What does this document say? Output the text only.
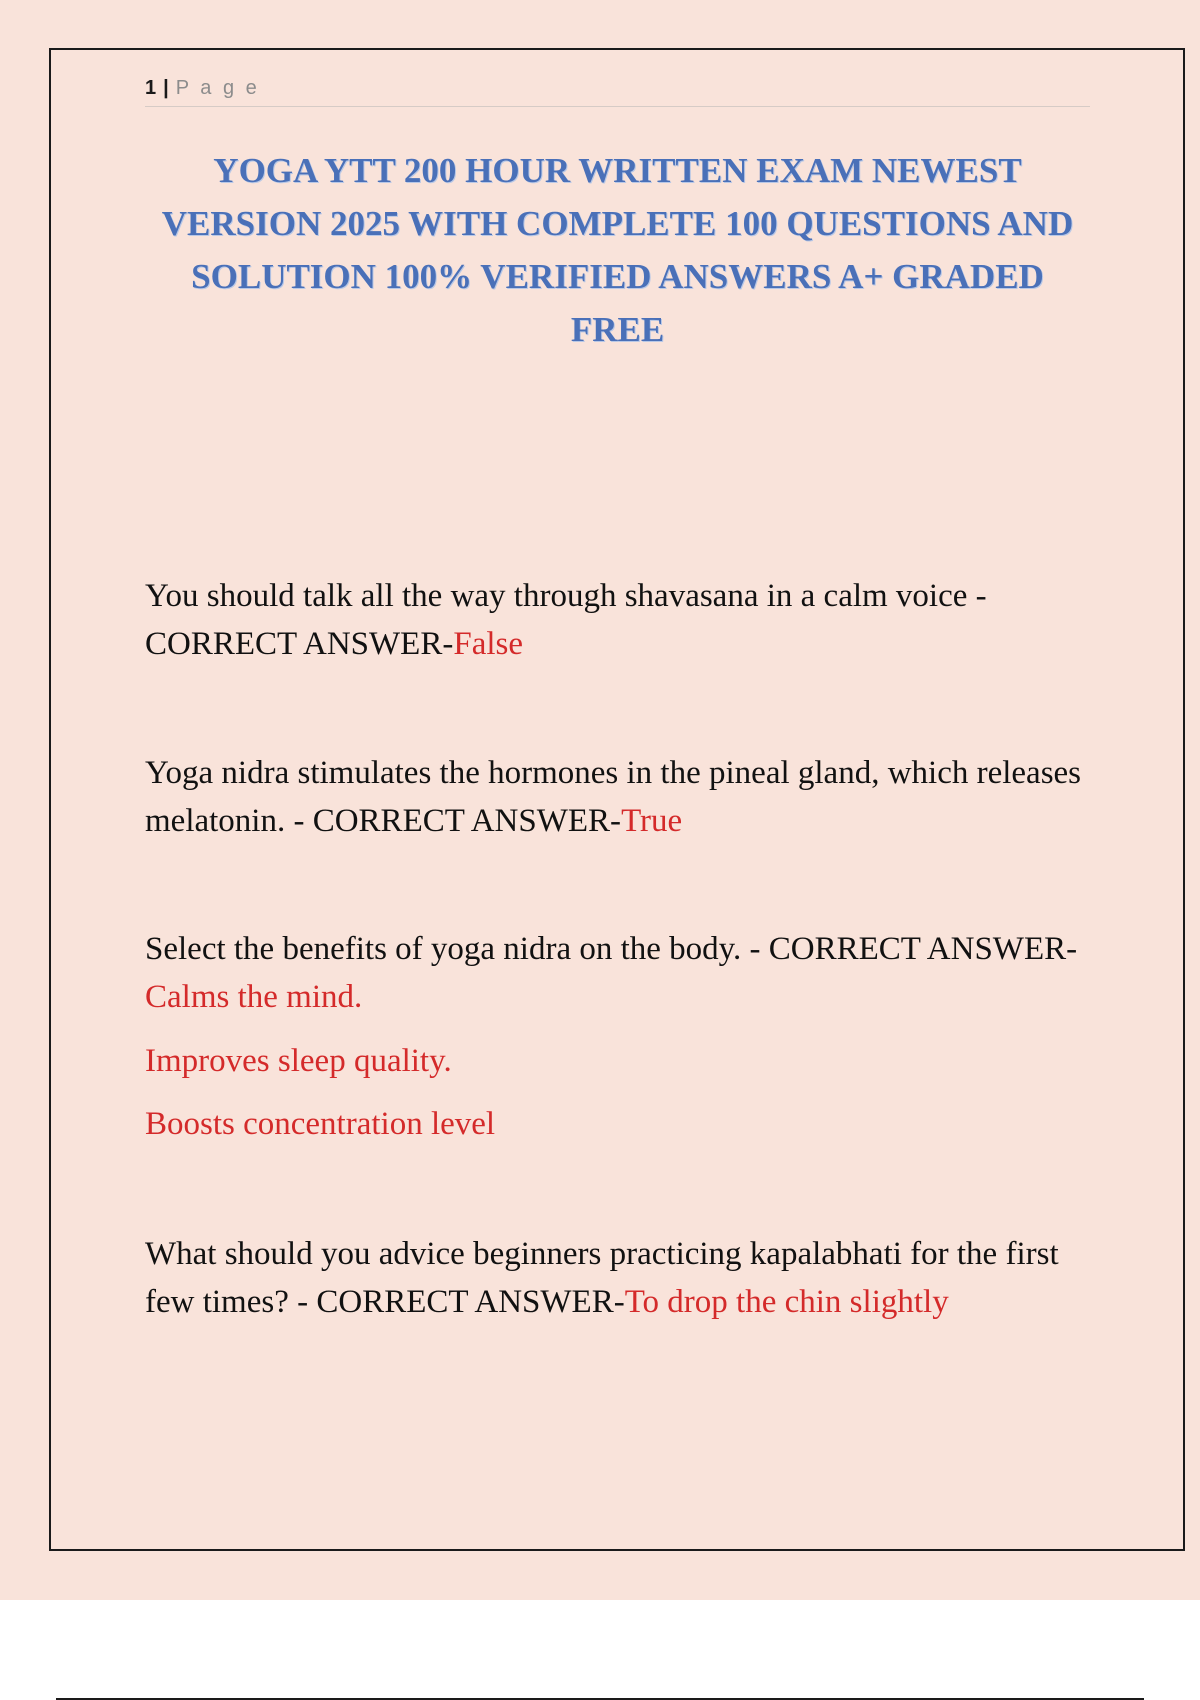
1 | P a g e
YOGA YTT 200 HOUR WRITTEN EXAM NEWEST VERSION 2025 WITH COMPLETE 100 QUESTIONS AND SOLUTION 100% VERIFIED ANSWERS A+ GRADED FREE
You should talk all the way through shavasana in a calm voice - CORRECT ANSWER-False
Yoga nidra stimulates the hormones in the pineal gland, which releases melatonin. - CORRECT ANSWER-True
Select the benefits of yoga nidra on the body. - CORRECT ANSWER-Calms the mind.
Improves sleep quality.
Boosts concentration level
What should you advice beginners practicing kapalabhati for the first few times? - CORRECT ANSWER-To drop the chin slightly
